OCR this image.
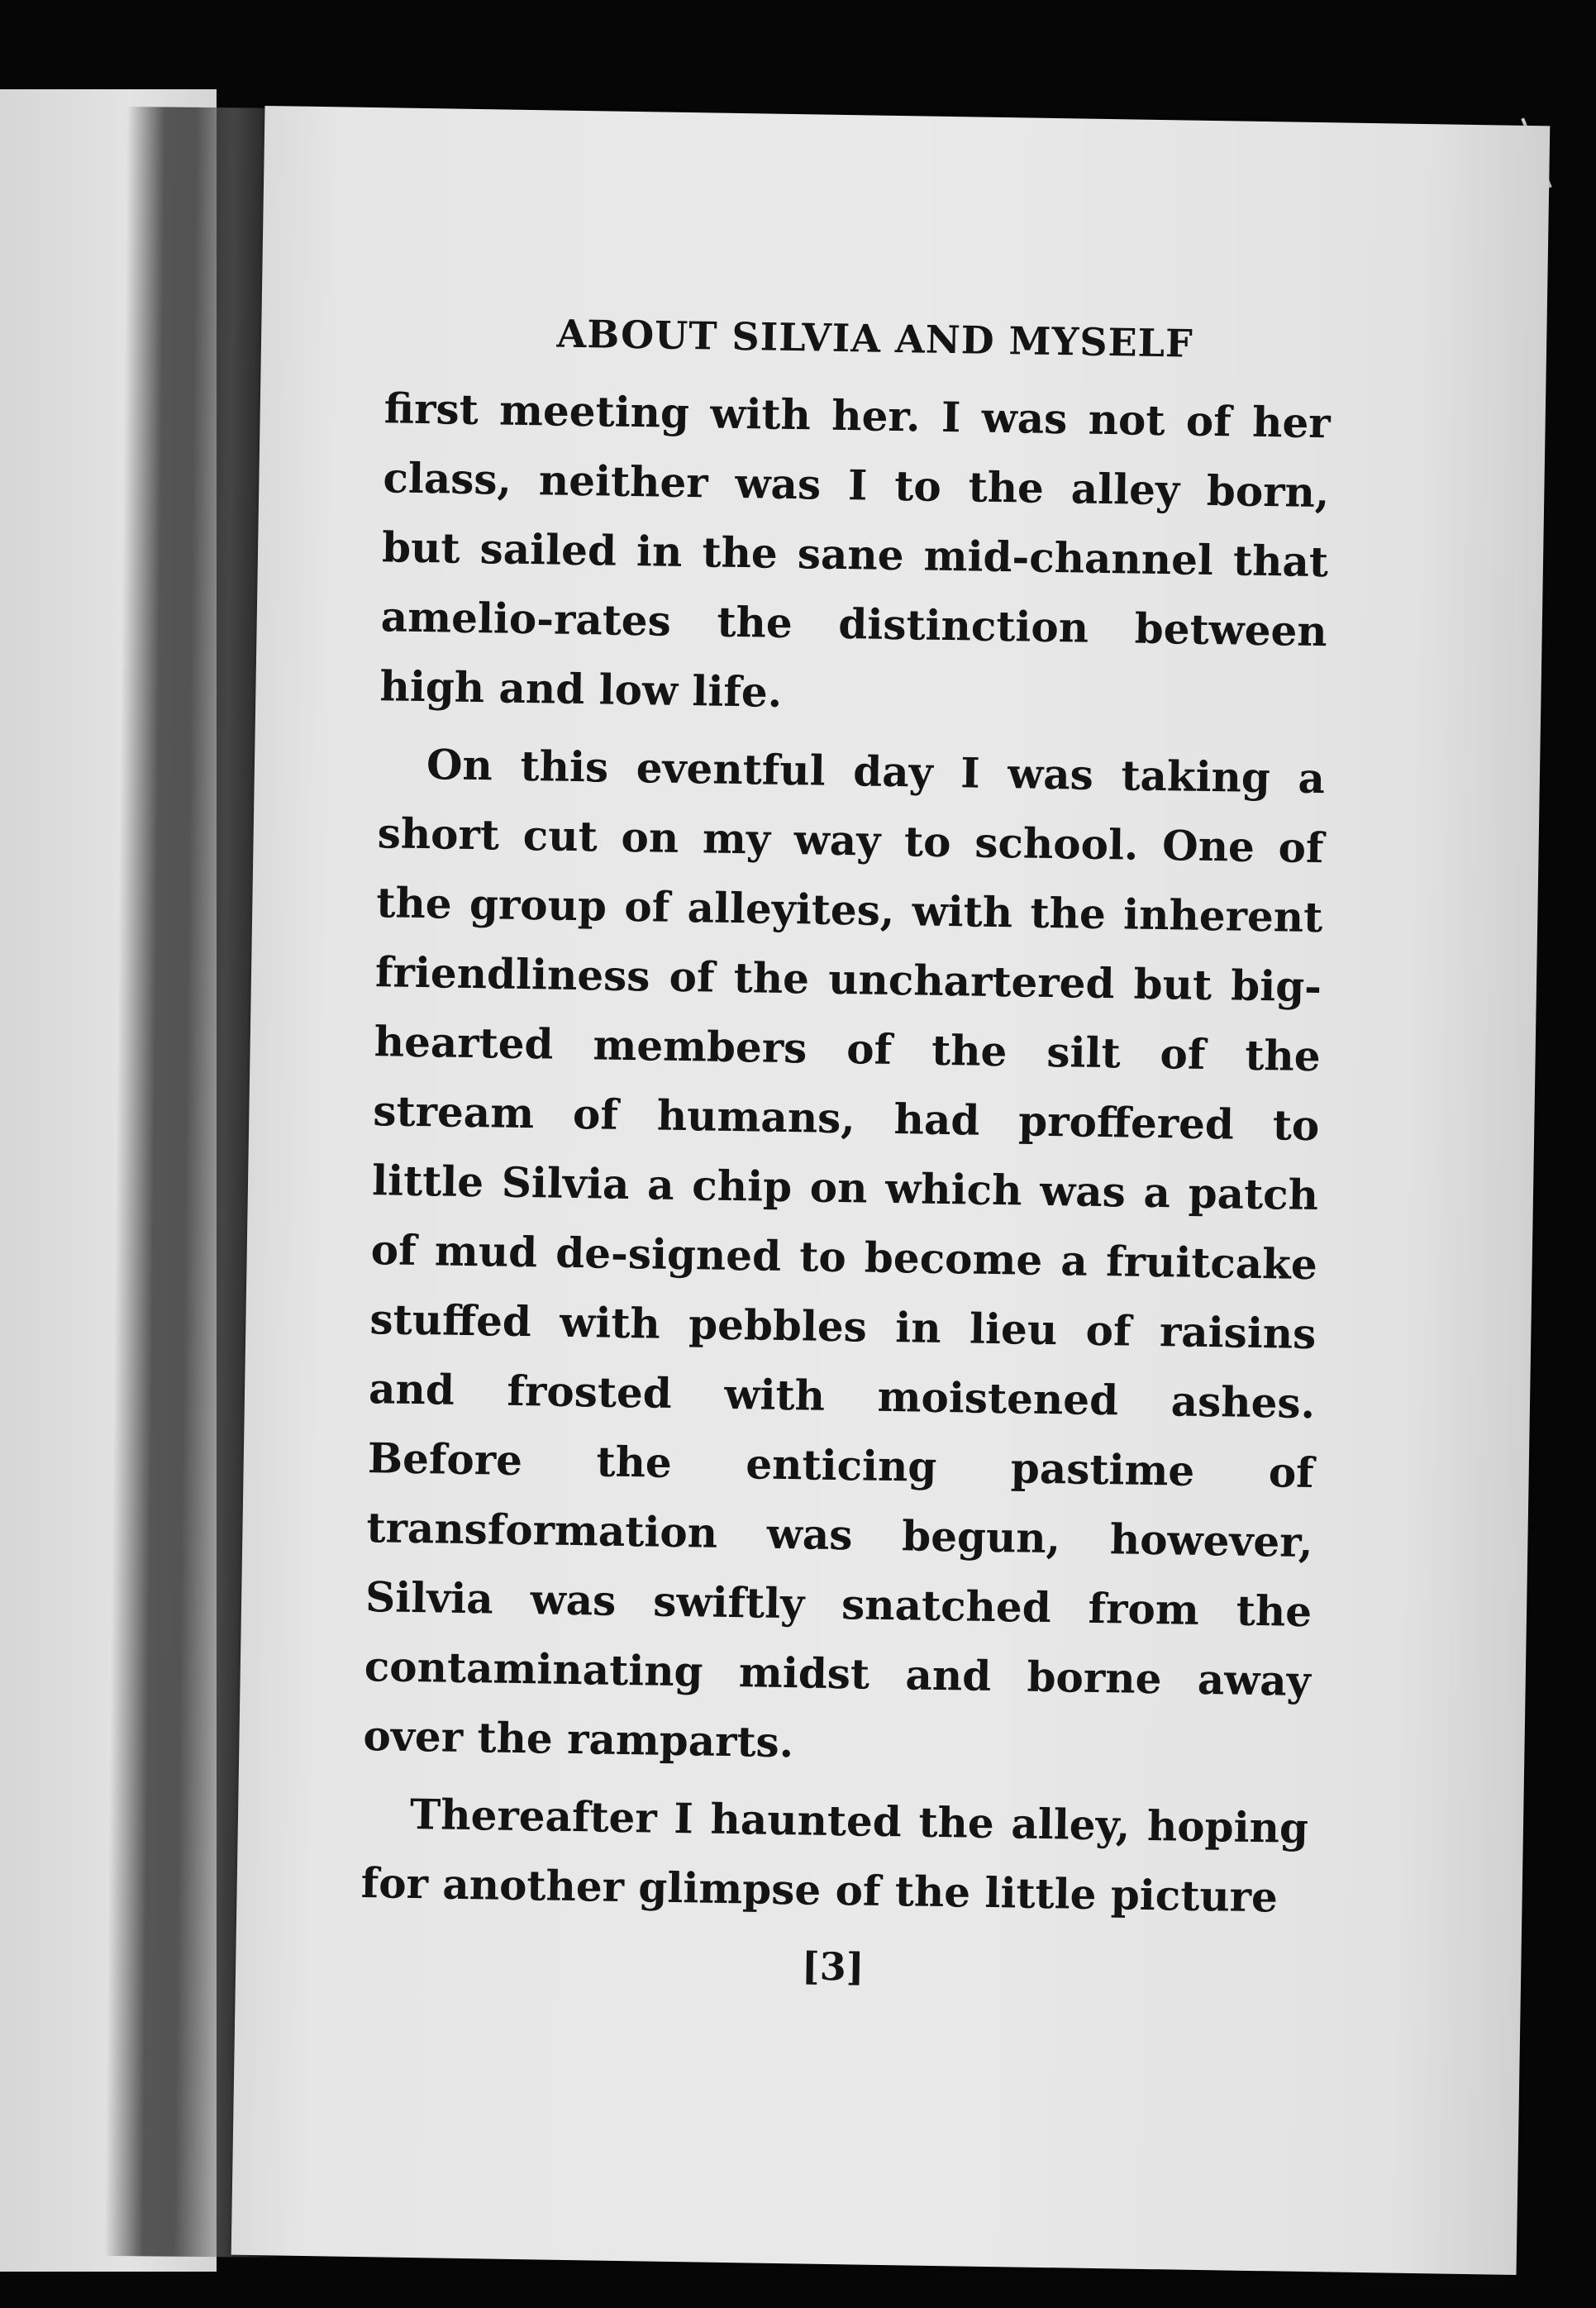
ABOUT SILVIA AND MYSELF

first meeting with her. I was not of her class, neither was I to the alley born, but sailed in the sane mid-channel that amelio-rates the distinction between high and low life.

On this eventful day I was taking a short cut on my way to school. One of the group of alleyites, with the inherent friendliness of the unchartered but big-hearted members of the silt of the stream of humans, had proffered to little Silvia a chip on which was a patch of mud de-signed to become a fruitcake stuffed with pebbles in lieu of raisins and frosted with moistened ashes. Before the enticing pastime of transformation was begun, however, Silvia was swiftly snatched from the contaminating midst and borne away over the ramparts.

Thereafter I haunted the alley, hoping for another glimpse of the little picture

[3]
